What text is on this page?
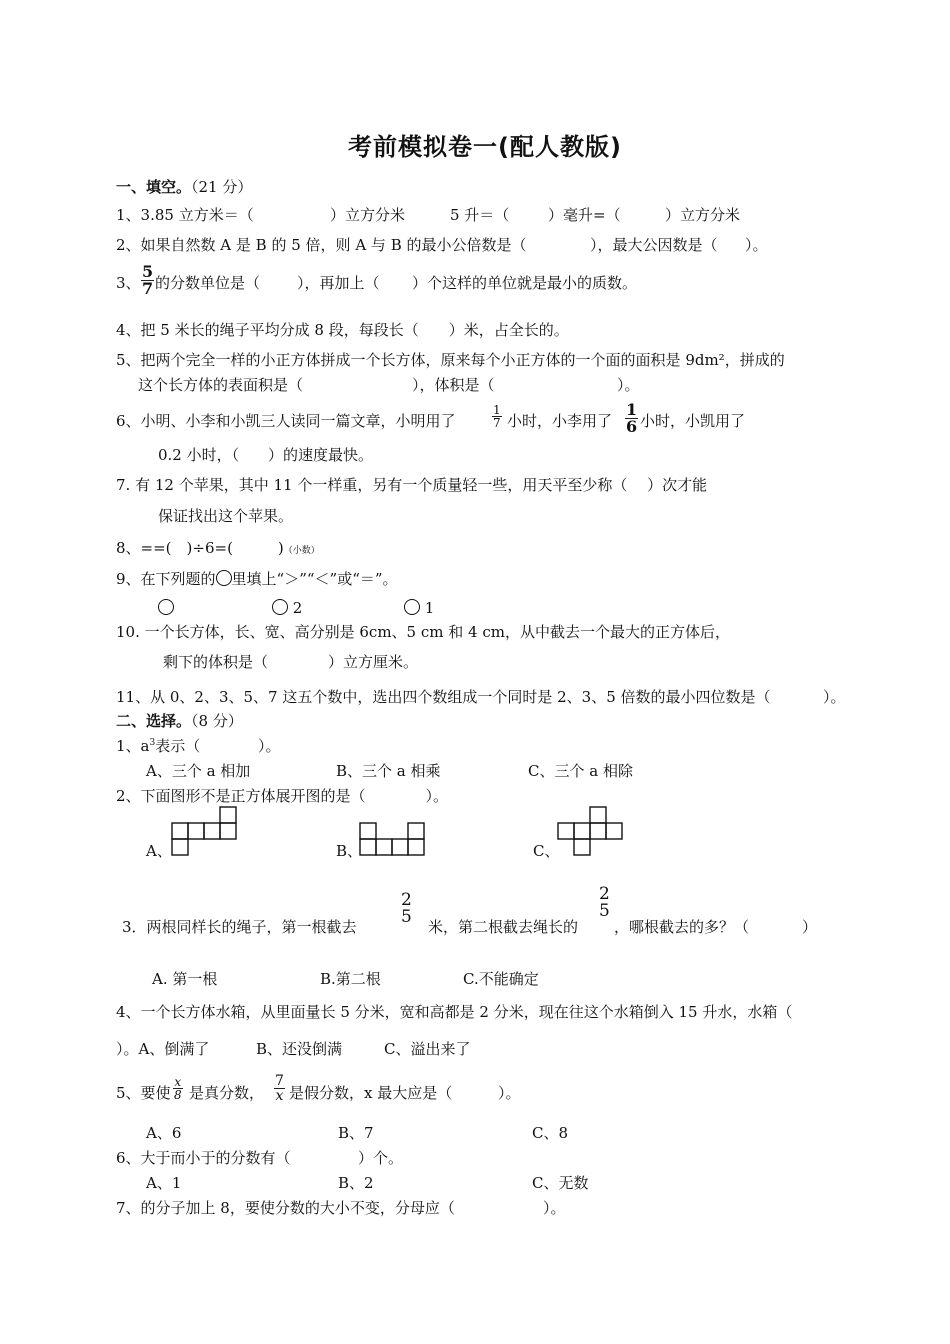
考前模拟卷一(配人教版)
一、填空。（21 分）
1、3.85 立方米＝（	）立方分米	5 升＝（	）毫升=（	）立方分米
2、如果自然数 A 是 B 的 5 倍，则 A 与 B 的最小公倍数是（	），最大公因数是（ ）。
3、 $\frac{5}{7}$ 的分数单位是（ ），再加上（ ）个这样的单位就是最小的质数。
4、把 5 米长的绳子平均分成 8 段，每段长（　　）米，占全长的。
5、把两个完全一样的小正方体拼成一个长方体，原来每个小正方体的一个面的面积是 9dm²，拼成的
这个长方体的表面积是（	），体积是（	）。
6、小明、小李和小凯三人读同一篇文章，小明用了	$\frac{1}{7}$ 小时，小李用了 $\frac{1}{6}$ 小时，小凯用了
0.2 小时，（ ）的速度最快。
7. 有 12 个苹果，其中 11 个一样重，另有一个质量轻一些，用天平至少称（　 ）次才能
保证找出这个苹果。
8、==(　)÷6=(　　　)（小数）
9、在下列题的 里填上“＞”“＜”或“＝”。
2	1
10. 一个长方体，长、宽、高分别是 6cm、5 cm 和 4 cm，从中截去一个最大的正方体后，
剩下的体积是（	）立方厘米。
11、从 0、2、3、5、7 这五个数中，选出四个数组成一个同时是 2、3、5 倍数的最小四位数是（	）。
二、选择。（8 分）
1、$a^3$表示（	）。
A、三个 a 相加	B、三个 a 相乘	C、三个 a 相除
2、下面图形不是正方体展开图的是（　　　　）。
A、	B、	C、
3．两根同样长的绳子，第一根截去
2
5 米，第二根截去绳长的
2
5
，哪根截去的多？（	）
A. 第一根	B.第二根	C.不能确定
4、一个长方体水箱，从里面量长 5 分米，宽和高都是 2 分米，现在往这个水箱倒入 15 升水，水箱（
）。A、倒满了	B、还没倒满	C、溢出来了
5、要使 $\frac{x}{8}$ 是真分数， $\frac{7}{x}$ 是假分数，x 最大应是（	）。
A、6	B、7	C、8
6、大于而小于的分数有（	）个。
A、1	B、2	C、无数
7、的分子加上 8，要使分数的大小不变，分母应（	）。
